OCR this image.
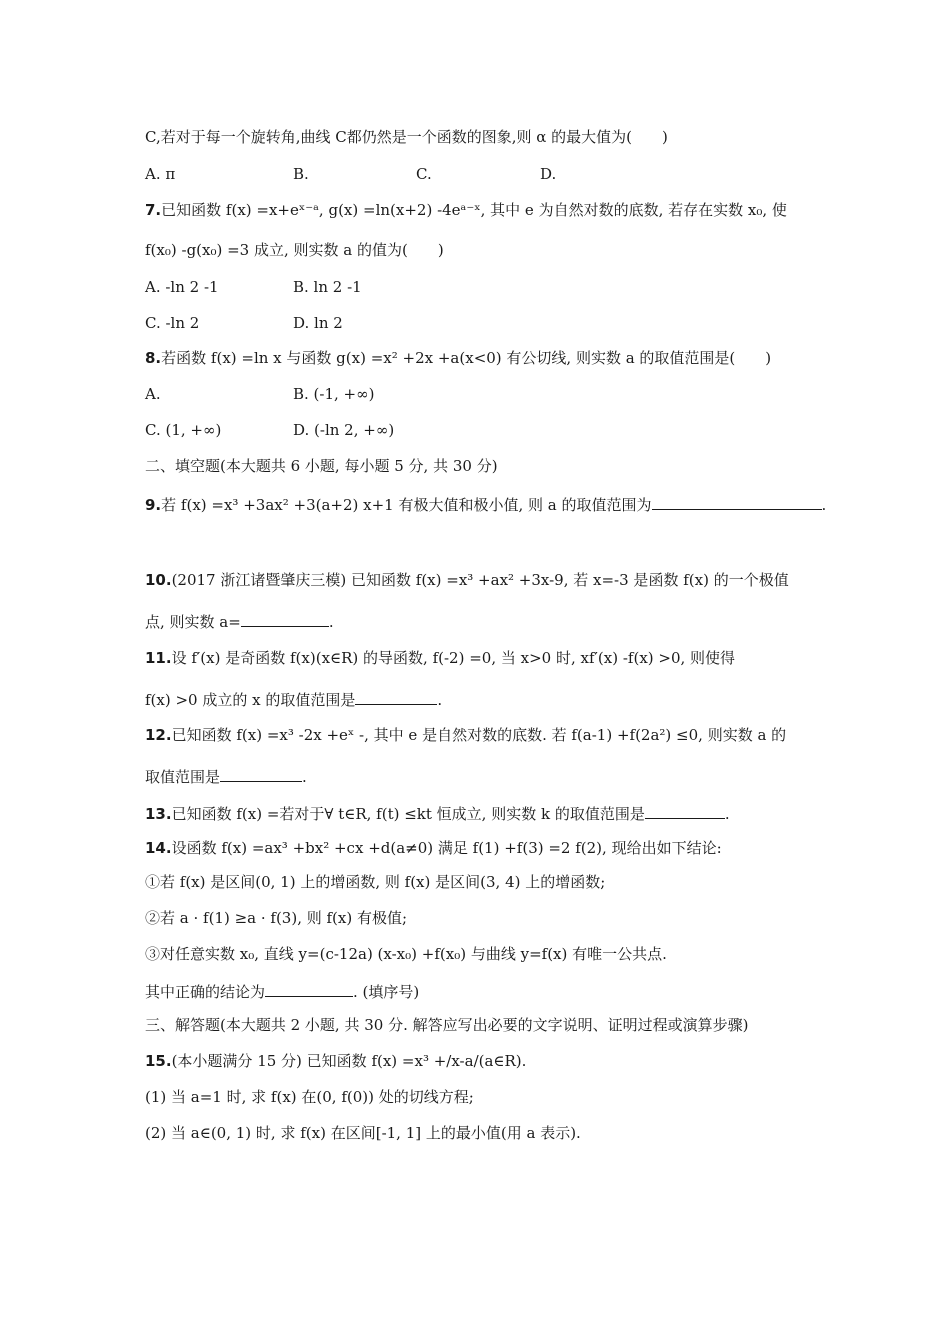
C,若对于每一个旋转角,曲线 C都仍然是一个函数的图象,则 α 的最大值为(　　)
A. π	B.	C.	D.
7.已知函数 f(x) =x+eˣ⁻ᵃ, g(x) =ln(x+2) -4eᵃ⁻ˣ, 其中 e 为自然对数的底数, 若存在实数 x₀, 使
f(x₀) -g(x₀) =3 成立, 则实数 a 的值为(　　)
A. -ln 2 -1	B. ln 2 -1
C. -ln 2	D. ln 2
8.若函数 f(x) =ln x 与函数 g(x) =x² +2x +a(x<0) 有公切线, 则实数 a 的取值范围是(　　)
A.	B. (-1, +∞)
C. (1, +∞)	D. (-ln 2, +∞)
二、填空题(本大题共 6 小题, 每小题 5 分, 共 30 分)
9.若 f(x) =x³ +3ax² +3(a+2) x+1 有极大值和极小值, 则 a 的取值范围为	.
10.(2017 浙江诸暨肇庆三模) 已知函数 f(x) =x³ +ax² +3x-9, 若 x=-3 是函数 f(x) 的一个极值
点, 则实数 a=	.
11.设 f′(x) 是奇函数 f(x)(x∈R) 的导函数, f(-2) =0, 当 x>0 时, xf′(x) -f(x) >0, 则使得
f(x) >0 成立的 x 的取值范围是	.
12.已知函数 f(x) =x³ -2x +eˣ -, 其中 e 是自然对数的底数. 若 f(a-1) +f(2a²) ≤0, 则实数 a 的
取值范围是	.
13.已知函数 f(x) =若对于∀ t∈R, f(t) ≤kt 恒成立, 则实数 k 的取值范围是	.
14.设函数 f(x) =ax³ +bx² +cx +d(a≠0) 满足 f(1) +f(3) =2 f(2), 现给出如下结论:
①若 f(x) 是区间(0, 1) 上的增函数, 则 f(x) 是区间(3, 4) 上的增函数;
②若 a · f(1) ≥a · f(3), 则 f(x) 有极值;
③对任意实数 x₀, 直线 y=(c-12a) (x-x₀) +f(x₀) 与曲线 y=f(x) 有唯一公共点.
其中正确的结论为	. (填序号)
三、解答题(本大题共 2 小题, 共 30 分. 解答应写出必要的文字说明、证明过程或演算步骤)
15.(本小题满分 15 分) 已知函数 f(x) =x³ +/x-a/(a∈R).
(1) 当 a=1 时, 求 f(x) 在(0, f(0)) 处的切线方程;
(2) 当 a∈(0, 1) 时, 求 f(x) 在区间[-1, 1] 上的最小值(用 a 表示).
